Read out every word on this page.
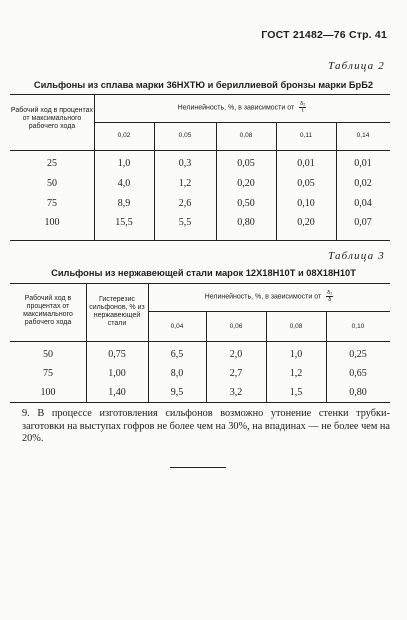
ГОСТ 21482—76 Стр. 41
Таблица 2
Сильфоны из сплава марки 36НХТЮ и бериллиевой бронзы марки БрБ2
Рабочий ход в процентах от максимального рабочего хода
Нелинейность, %, в зависимости от $\frac{\text{δ₂}}{t}$
0,02	0,05	0,08	0,11	0,14
25	1,0	0,3	0,05	0,01	0,01
50	4,0	1,2	0,20	0,05	0,02
75	8,9	2,6	0,50	0,10	0,04
100	15,5	5,5	0,80	0,20	0,07
Таблица 3
Сильфоны из нержавеющей стали марок 12Х18Н10Т и 08Х18Н10Т
Рабочий ход в процентах от максимального рабочего хода
Гистерезис сильфонов, % из нержавеющей стали
Нелинейность, %, в зависимости от $\frac{\text{δ₂}}{\delta}$
0,04	0,06	0,08	0,10
50	0,75	6,5	2,0	1,0	0,25
75	1,00	8,0	2,7	1,2	0,65
100	1,40	9,5	3,2	1,5	0,80
9. В процессе изготовления сильфонов возможно утонение стенки трубки-заготовки на выступах гофров не более чем на 30%, на впадинах — не более чем на 20%.
